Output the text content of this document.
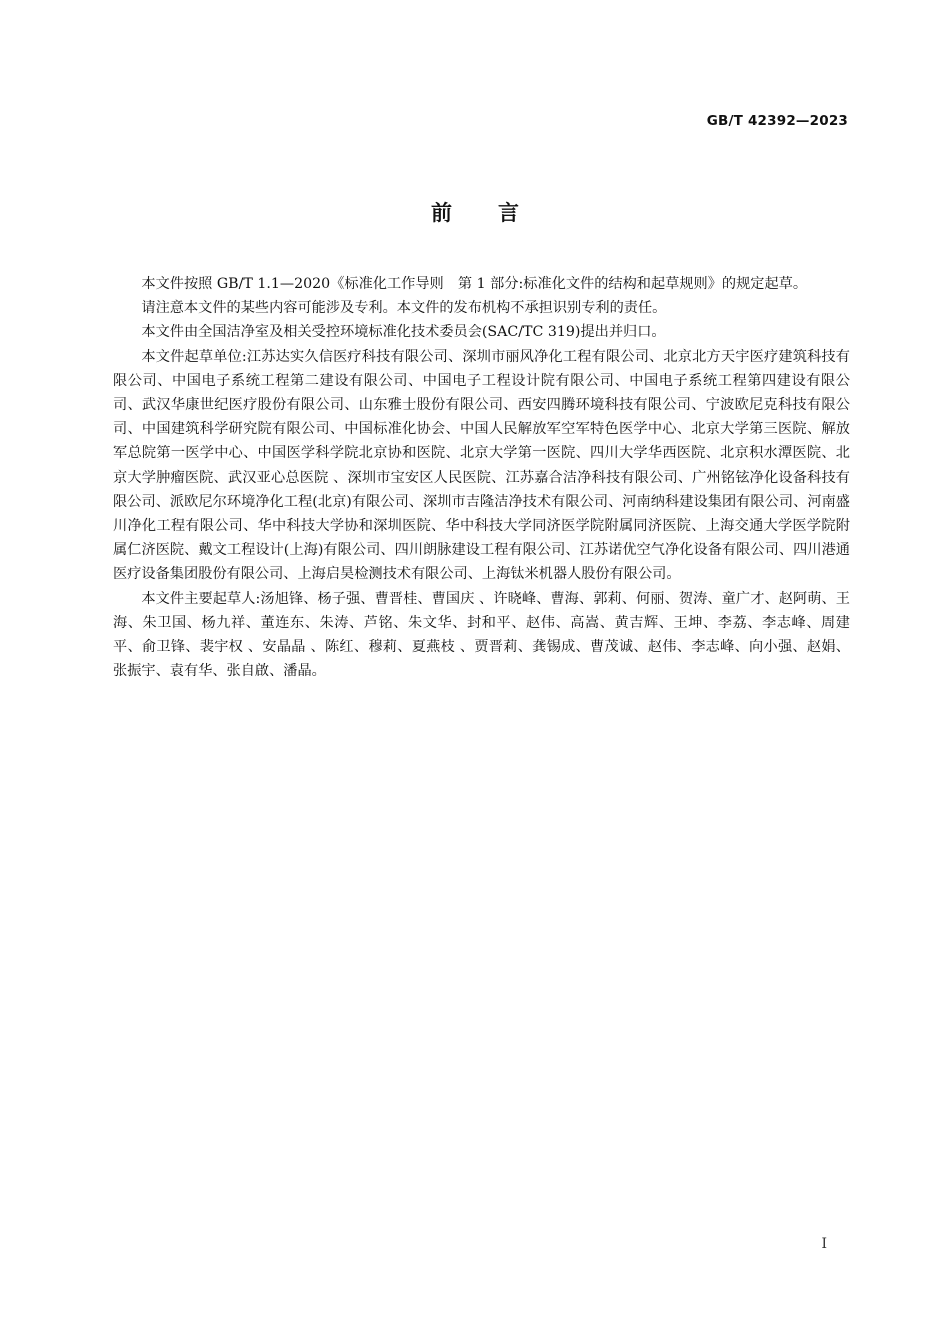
GB/T 42392—2023
前言

本文件按照 GB/T 1.1—2020《标准化工作导则　第 1 部分:标准化文件的结构和起草规则》的规定起草。

请注意本文件的某些内容可能涉及专利。本文件的发布机构不承担识别专利的责任。

本文件由全国洁净室及相关受控环境标准化技术委员会(SAC/TC 319)提出并归口。

本文件起草单位:江苏达实久信医疗科技有限公司、深圳市丽风净化工程有限公司、北京北方天宇医疗建筑科技有限公司、中国电子系统工程第二建设有限公司、中国电子工程设计院有限公司、中国电子系统工程第四建设有限公司、武汉华康世纪医疗股份有限公司、山东雅士股份有限公司、西安四腾环境科技有限公司、宁波欧尼克科技有限公司、中国建筑科学研究院有限公司、中国标准化协会、中国人民解放军空军特色医学中心、北京大学第三医院、解放军总院第一医学中心、中国医学科学院北京协和医院、北京大学第一医院、四川大学华西医院、北京积水潭医院、北京大学肿瘤医院、武汉亚心总医院 、深圳市宝安区人民医院、江苏嘉合洁净科技有限公司、广州铭铉净化设备科技有限公司、派欧尼尔环境净化工程(北京)有限公司、深圳市吉隆洁净技术有限公司、河南纳科建设集团有限公司、河南盛川净化工程有限公司、华中科技大学协和深圳医院、华中科技大学同济医学院附属同济医院、上海交通大学医学院附属仁济医院、戴文工程设计(上海)有限公司、四川朗脉建设工程有限公司、江苏诺优空气净化设备有限公司、四川港通医疗设备集团股份有限公司、上海启昊检测技术有限公司、上海钛米机器人股份有限公司。

本文件主要起草人:汤旭锋、杨子强、曹晋桂、曹国庆 、许晓峰、曹海、郭莉、何丽、贺涛、童广才、赵阿萌、王海、朱卫国、杨九祥、董连东、朱涛、芦铭、朱文华、封和平、赵伟、高嵩、黄吉辉、王坤、李荔、李志峰、周建平、俞卫锋、裴宇权 、安晶晶 、陈红、穆莉、夏燕枝 、贾晋莉、龚锡成、曹茂诚、赵伟、李志峰、向小强、赵娟、张振宇、袁有华、张自啟、潘晶。

I
